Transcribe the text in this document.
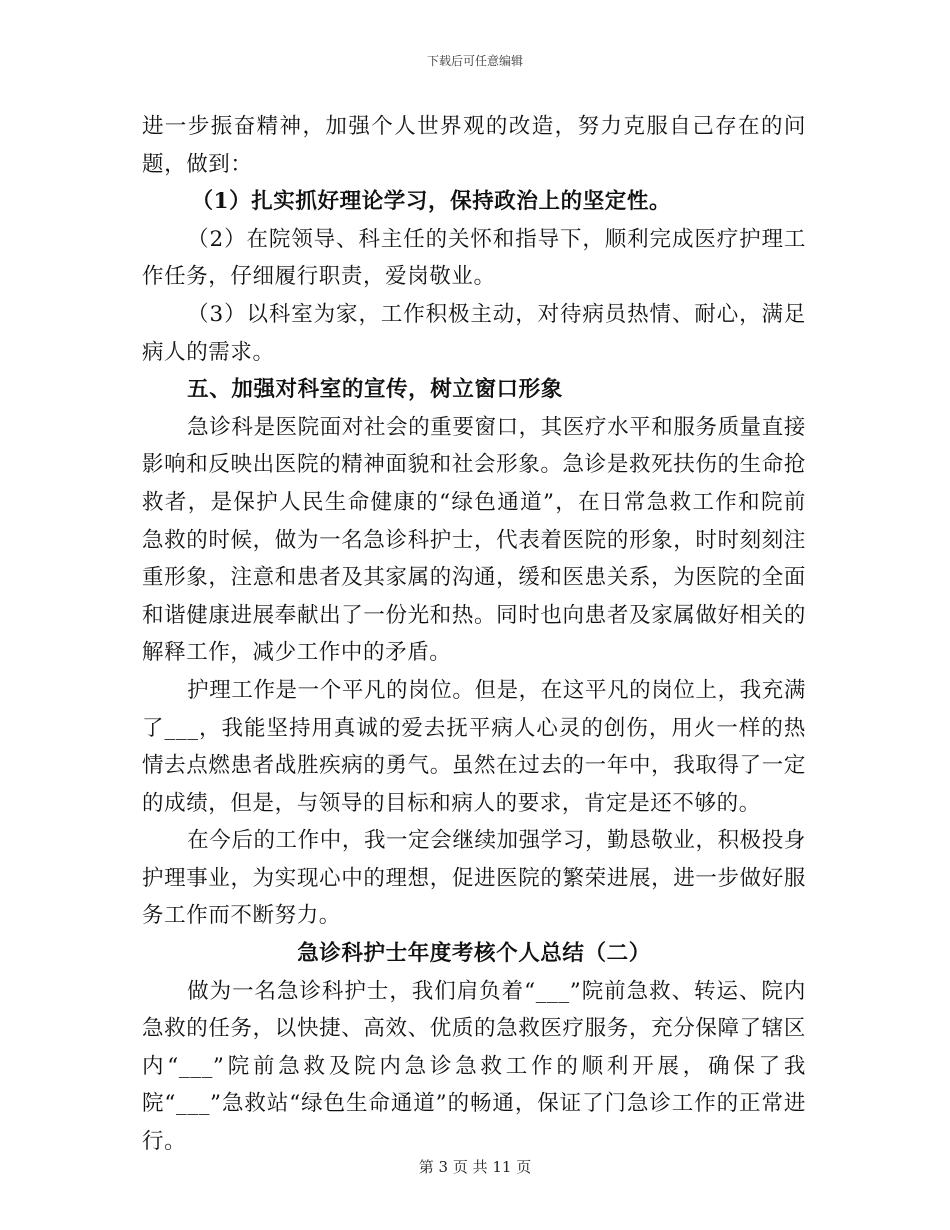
下载后可任意编辑

进一步振奋精神，加强个人世界观的改造，努力克服自己存在的问题，做到：

（1）扎实抓好理论学习，保持政治上的坚定性。

（2）在院领导、科主任的关怀和指导下，顺利完成医疗护理工作任务，仔细履行职责，爱岗敬业。

（3）以科室为家，工作积极主动，对待病员热情、耐心，满足病人的需求。

五、加强对科室的宣传，树立窗口形象

急诊科是医院面对社会的重要窗口，其医疗水平和服务质量直接影响和反映出医院的精神面貌和社会形象。急诊是救死扶伤的生命抢救者，是保护人民生命健康的“绿色通道”，在日常急救工作和院前急救的时候，做为一名急诊科护士，代表着医院的形象，时时刻刻注重形象，注意和患者及其家属的沟通，缓和医患关系，为医院的全面和谐健康进展奉献出了一份光和热。同时也向患者及家属做好相关的解释工作，减少工作中的矛盾。

护理工作是一个平凡的岗位。但是，在这平凡的岗位上，我充满了___，我能坚持用真诚的爱去抚平病人心灵的创伤，用火一样的热情去点燃患者战胜疾病的勇气。虽然在过去的一年中，我取得了一定的成绩，但是，与领导的目标和病人的要求，肯定是还不够的。

在今后的工作中，我一定会继续加强学习，勤恳敬业，积极投身护理事业，为实现心中的理想，促进医院的繁荣进展，进一步做好服务工作而不断努力。

急诊科护士年度考核个人总结（二）

做为一名急诊科护士，我们肩负着“___”院前急救、转运、院内急救的任务，以快捷、高效、优质的急救医疗服务，充分保障了辖区内“___”院前急救及院内急诊急救工作的顺利开展，确保了我院“___”急救站“绿色生命通道”的畅通，保证了门急诊工作的正常进行。

第 3 页 共 11 页
